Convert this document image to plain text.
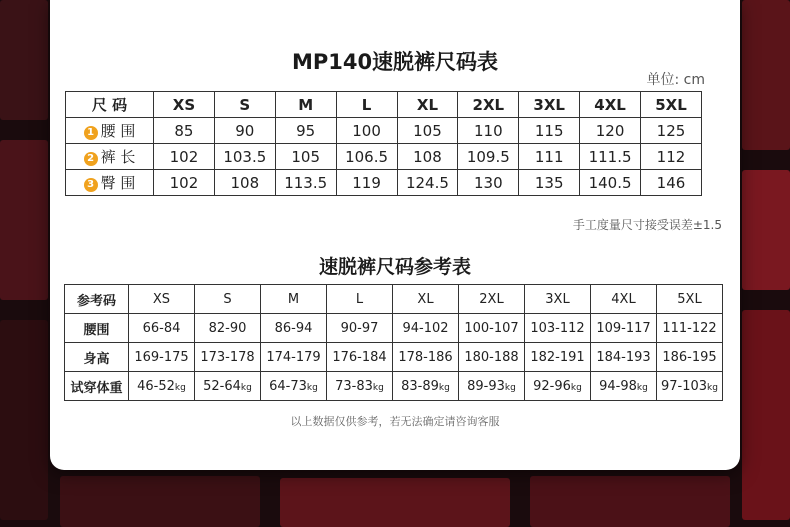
MP140速脱裤尺码表
单位: cm
尺 码	XS	S	M	L	XL	2XL	3XL	4XL	5XL
1 腰 围	85	90	95	100	105	110	115	120	125
2 裤 长	102	103.5	105	106.5	108	109.5	111	111.5	112
3 臀 围	102	108	113.5	119	124.5	130	135	140.5	146
手工度量尺寸接受误差±1.5
速脱裤尺码参考表
参考码	XS	S	M	L	XL	2XL	3XL	4XL	5XL
腰围	66-84	82-90	86-94	90-97	94-102	100-107	103-112	109-117	111-122
身高	169-175	173-178	174-179	176-184	178-186	180-188	182-191	184-193	186-195
试穿体重	46-52kg	52-64kg	64-73kg	73-83kg	83-89kg	89-93kg	92-96kg	94-98kg	97-103kg
以上数据仅供参考，若无法确定请咨询客服
